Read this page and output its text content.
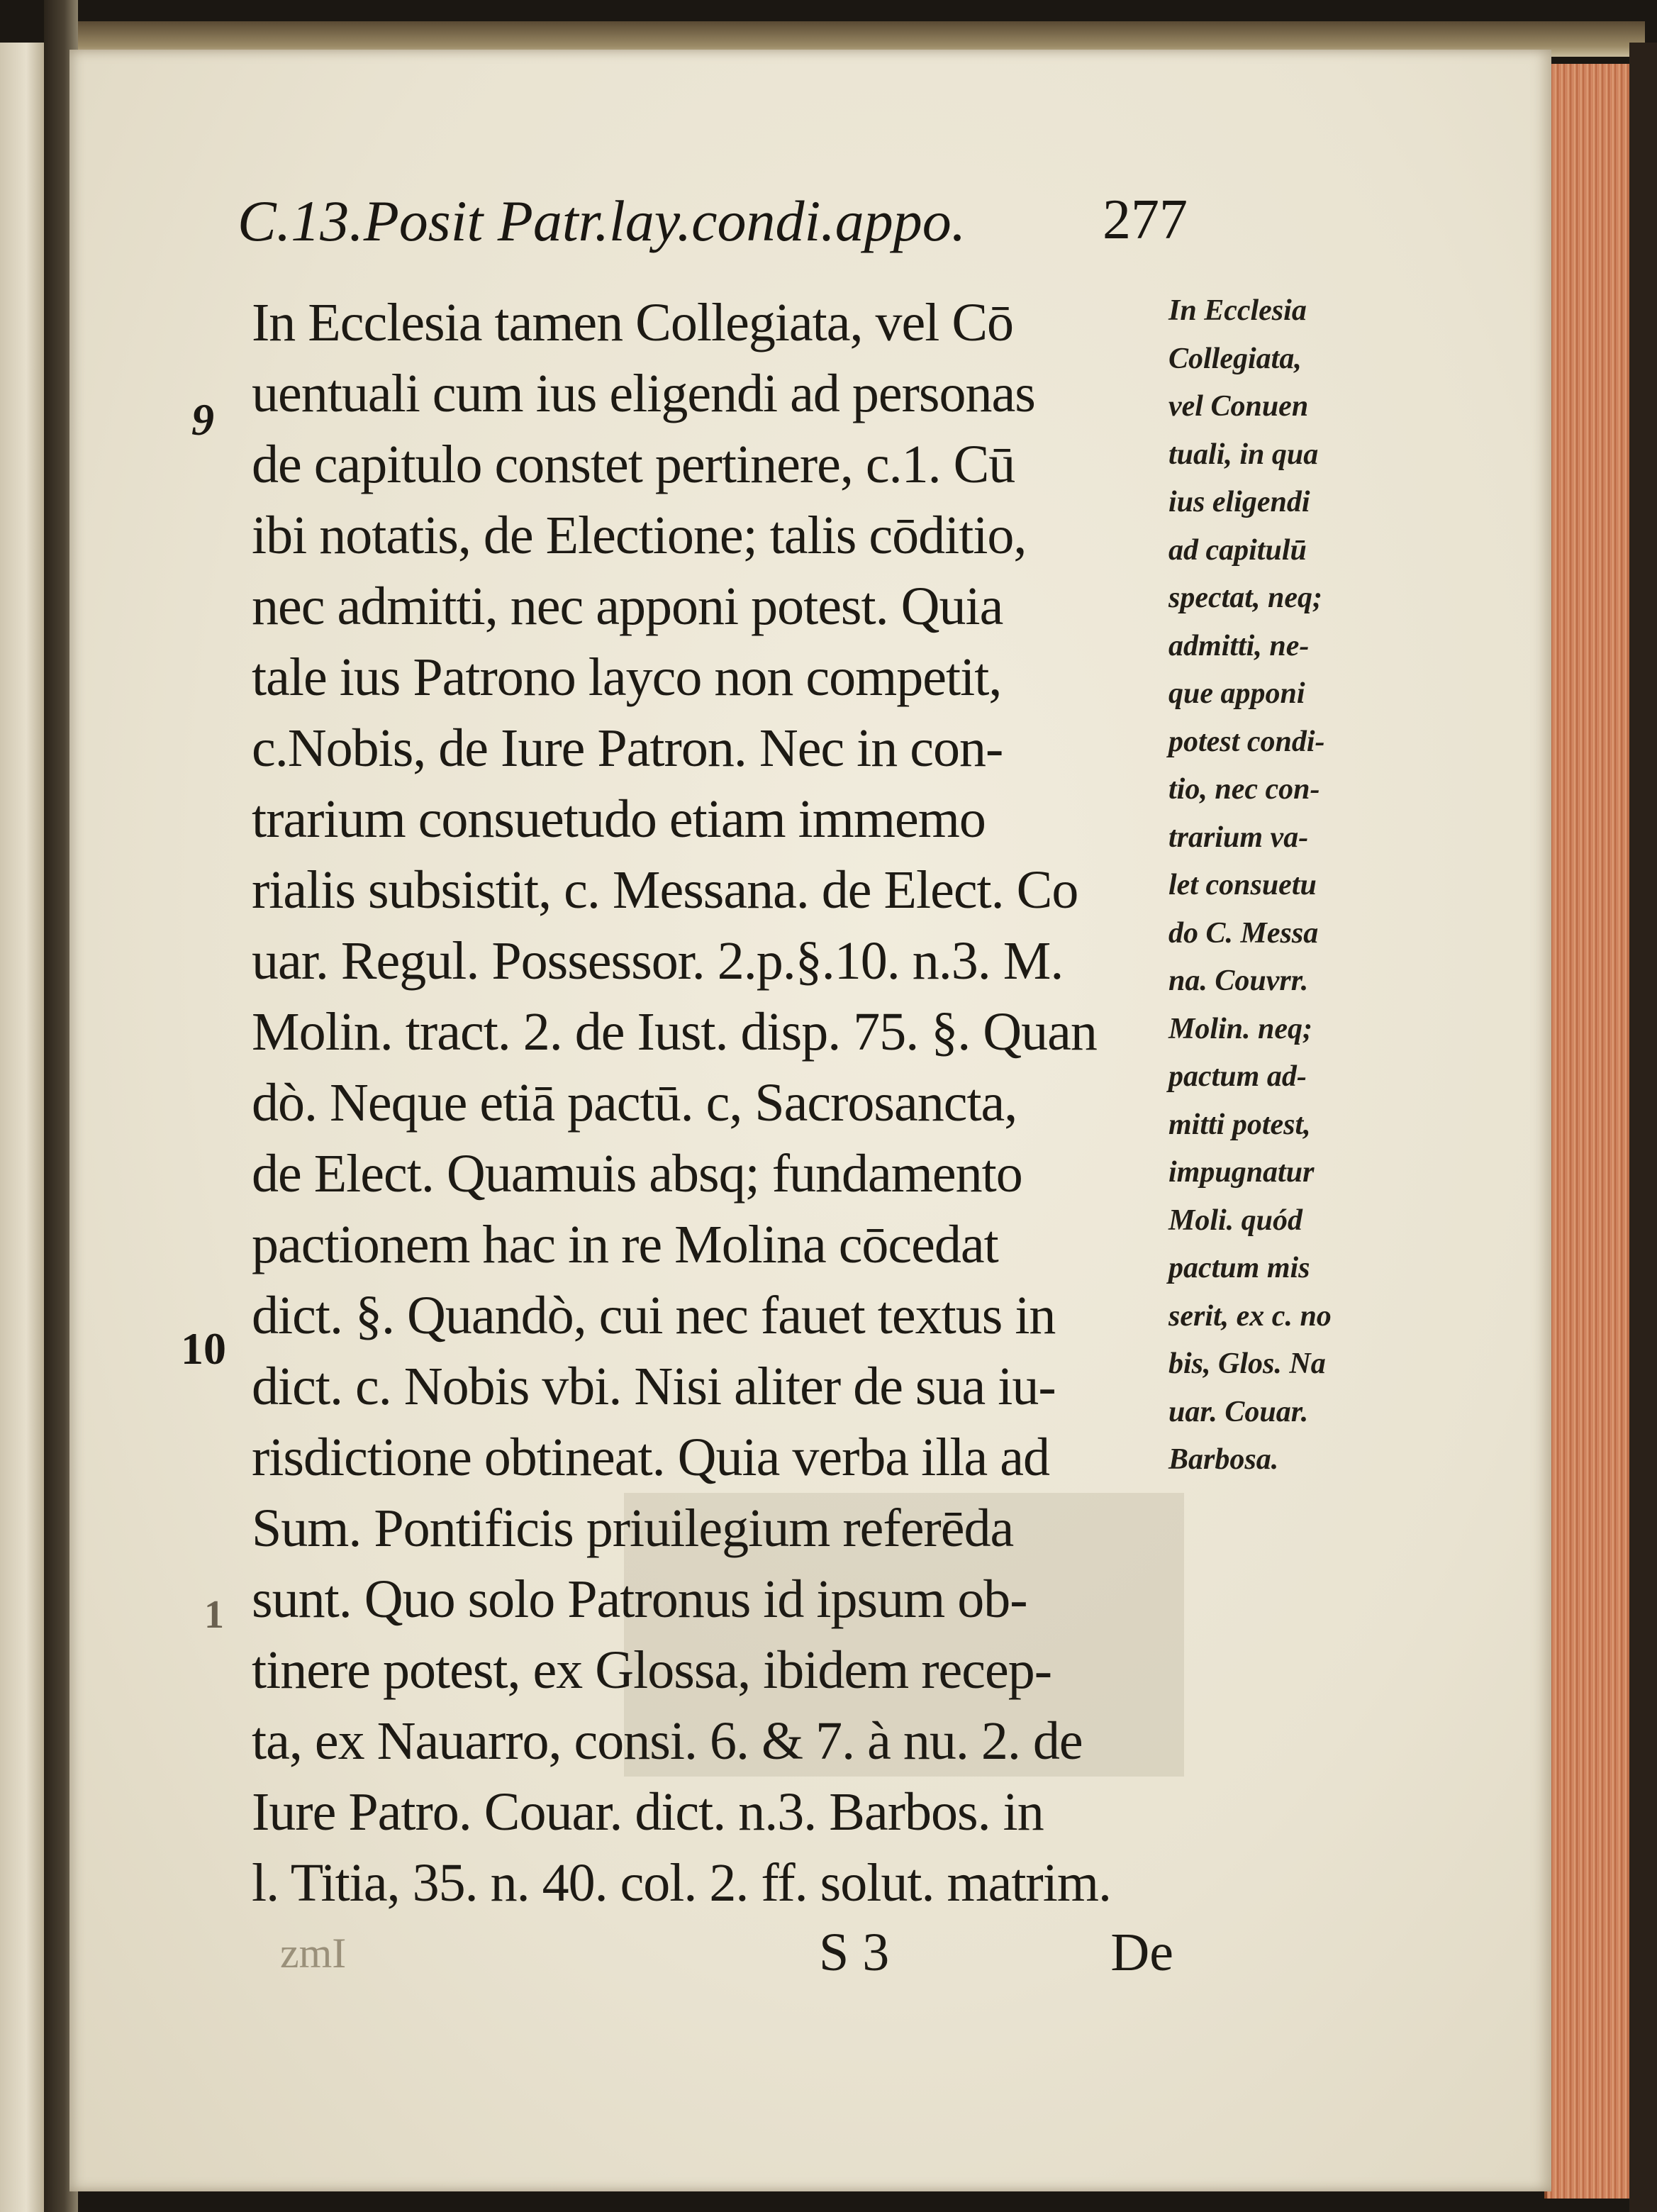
C.13.Posit Patr.lay.condi.appo. 277
9
10
1
In Ecclesia tamen Collegiata, vel Cō
uentuali cum ius eligendi ad personas
de capitulo constet pertinere, c.1. Cū
ibi notatis, de Electione; talis cōditio,
nec admitti, nec apponi potest. Quia
tale ius Patrono layco non competit,
c.Nobis, de Iure Patron. Nec in con-
trarium consuetudo etiam immemo
rialis subsistit, c. Messana. de Elect. Co
uar. Regul. Possessor. 2.p.§.10. n.3. M.
Molin. tract. 2. de Iust. disp. 75. §. Quan
dò. Neque etiā pactū. c, Sacrosancta,
de Elect. Quamuis absq; fundamento
pactionem hac in re Molina cōcedat
dict. §. Quandò, cui nec fauet textus in
dict. c. Nobis vbi. Nisi aliter de sua iu-
risdictione obtineat. Quia verba illa ad
Sum. Pontificis priuilegium referēda
sunt. Quo solo Patronus id ipsum ob-
tinere potest, ex Glossa, ibidem recep-
ta, ex Nauarro, consi. 6. & 7. à nu. 2. de
Iure Patro. Couar. dict. n.3. Barbos. in
l. Titia, 35. n. 40. col. 2. ff. solut. matrim.
In Ecclesia
Collegiata,
vel Conuen
tuali, in qua
ius eligendi
ad capitulū
spectat, neq;
admitti, ne-
que apponi
potest condi-
tio, nec con-
trarium va-
let consuetu
do C. Messa
na. Couvrr.
Molin. neq;
pactum ad-
mitti potest,
impugnatur
Moli. quód
pactum mis
serit, ex c. no
bis, Glos. Na
uar. Couar.
Barbosa.
zmI	S 3	De
